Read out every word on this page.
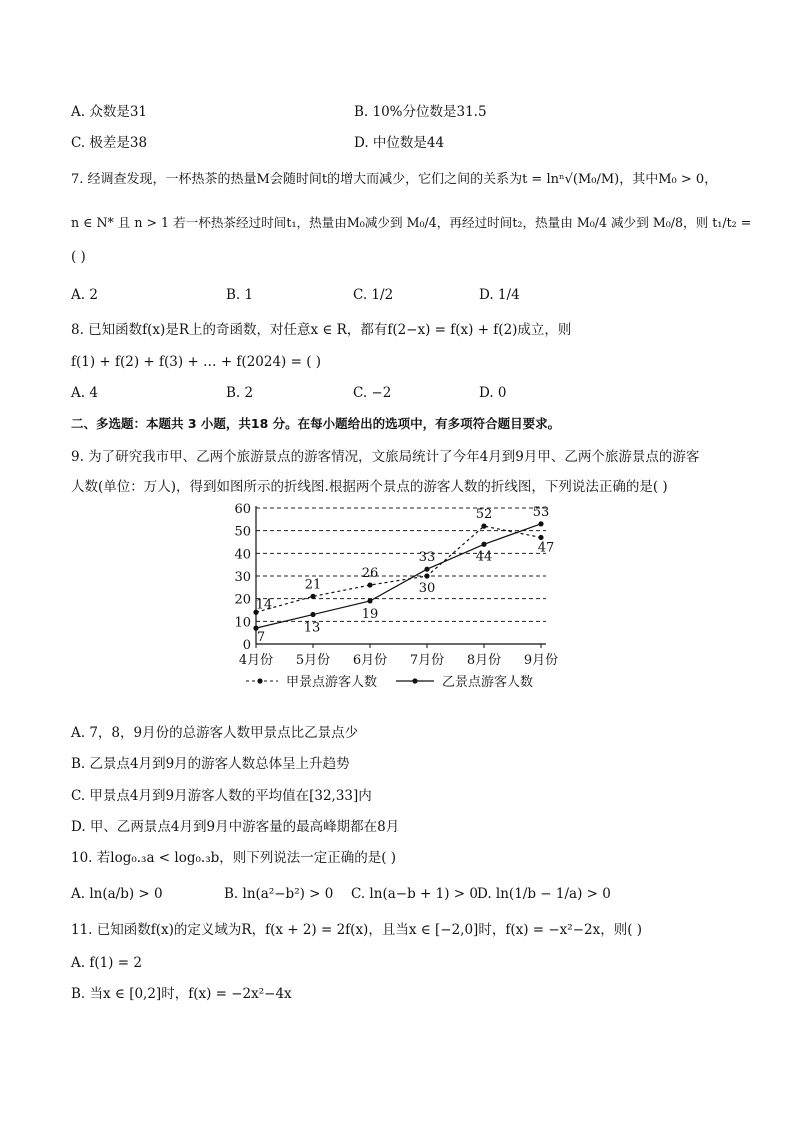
A. 众数是31	B. 10%分位数是31.5
C. 极差是38	D. 中位数是44
7. 经调查发现，一杯热茶的热量M会随时间t的增大而减少，它们之间的关系为t = lnⁿ√(M₀/M)，其中M₀ > 0，
n ∈ N* 且 n > 1 若一杯热茶经过时间t₁，热量由M₀减少到 M₀/4，再经过时间t₂，热量由 M₀/4 减少到 M₀/8，则 t₁/t₂ =
( )
A. 2	B. 1	C. 1/2	D. 1/4
8. 已知函数f(x)是R上的奇函数，对任意x ∈ R，都有f(2−x) = f(x) + f(2)成立，则
f(1) + f(2) + f(3) + … + f(2024) = ( )
A. 4	B. 2	C. −2	D. 0
二、多选题：本题共 3 小题，共18 分。在每小题给出的选项中，有多项符合题目要求。
9. 为了研究我市甲、乙两个旅游景点的游客情况，文旅局统计了今年4月到9月甲、乙两个旅游景点的游客
人数(单位：万人)，得到如图所示的折线图.根据两个景点的游客人数的折线图，下列说法正确的是( )
0
10
20
30
40
50
60
4月份 5月份 6月份 7月份 8月份 9月份
14
21
26
30
52
47
7
13
19
33	44
53
甲景点游客人数	乙景点游客人数
A. 7，8，9月份的总游客人数甲景点比乙景点少
B. 乙景点4月到9月的游客人数总体呈上升趋势
C. 甲景点4月到9月游客人数的平均值在[32,33]内
D. 甲、乙两景点4月到9月中游客量的最高峰期都在8月
10. 若log₀.₃a < log₀.₃b，则下列说法一定正确的是( )
A. ln(a/b) > 0	B. ln(a²−b²) > 0 C. ln(a−b + 1) > 0 D. ln(1/b − 1/a) > 0
11. 已知函数f(x)的定义域为R，f(x + 2) = 2f(x)，且当x ∈ [−2,0]时，f(x) = −x²−2x，则( )
A. f(1) = 2
B. 当x ∈ [0,2]时，f(x) = −2x²−4x
